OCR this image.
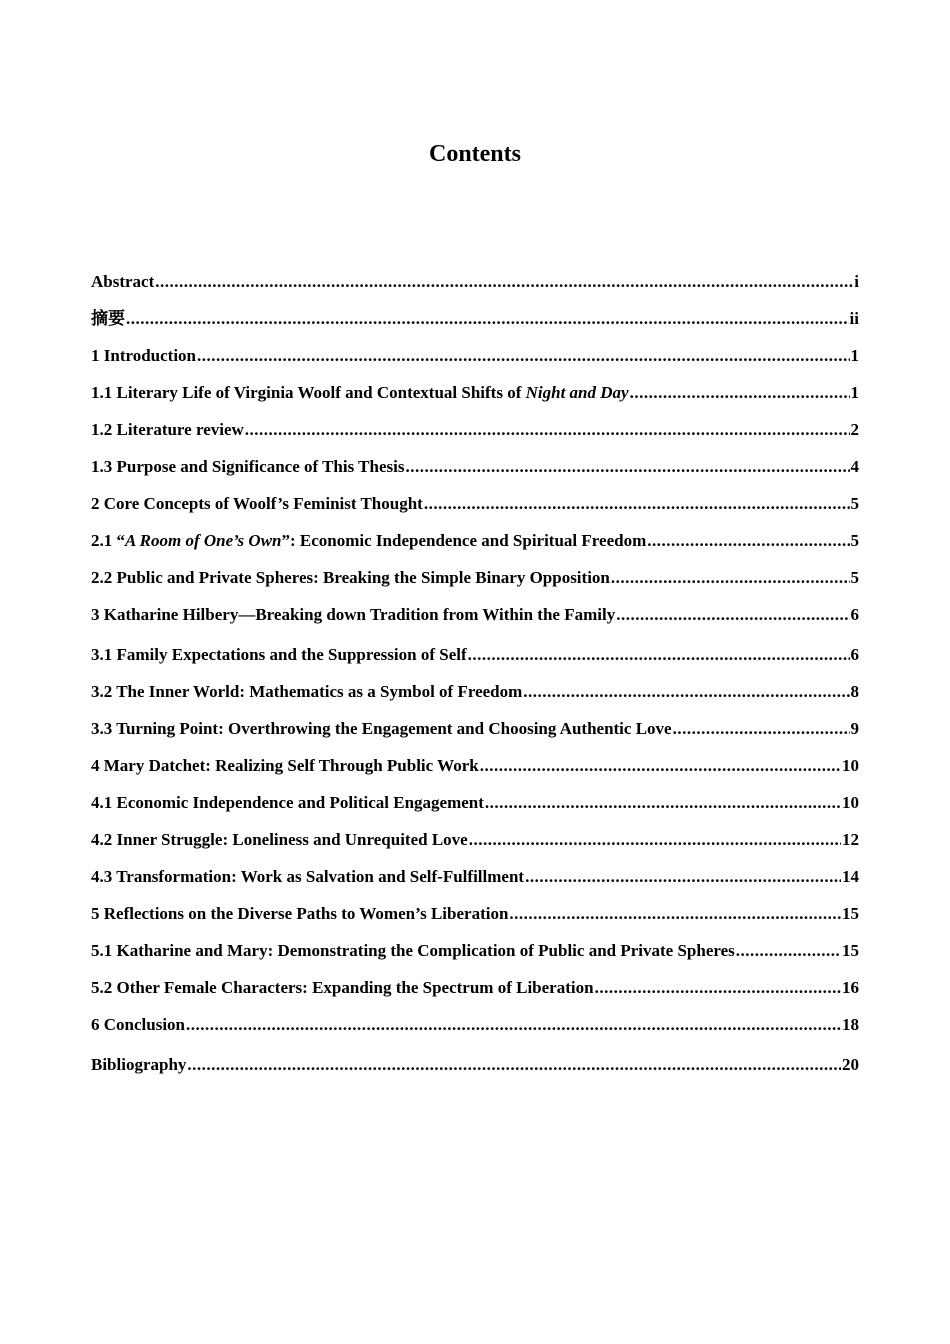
Contents
Abstract .....	i
摘要 .....	ii
1 Introduction .....	1
1.1 Literary Life of Virginia Woolf and Contextual Shifts of Night and Day .....	1
1.2 Literature review .....	2
1.3 Purpose and Significance of This Thesis .....	4
2 Core Concepts of Woolf’s Feminist Thought .....	5
2.1 “A Room of One’s Own”: Economic Independence and Spiritual Freedom .....	5
2.2 Public and Private Spheres: Breaking the Simple Binary Opposition .....	5
3 Katharine Hilbery—Breaking down Tradition from Within the Family .....	6
3.1 Family Expectations and the Suppression of Self .....	6
3.2 The Inner World: Mathematics as a Symbol of Freedom .....	8
3.3 Turning Point: Overthrowing the Engagement and Choosing Authentic Love .....	9
4 Mary Datchet: Realizing Self Through Public Work .....	10
4.1 Economic Independence and Political Engagement .....	10
4.2 Inner Struggle: Loneliness and Unrequited Love .....	12
4.3 Transformation: Work as Salvation and Self-Fulfillment .....	14
5 Reflections on the Diverse Paths to Women’s Liberation .....	15
5.1 Katharine and Mary: Demonstrating the Complication of Public and Private Spheres .....	15
5.2 Other Female Characters: Expanding the Spectrum of Liberation .....	16
6 Conclusion .....	18
Bibliography .....	20
